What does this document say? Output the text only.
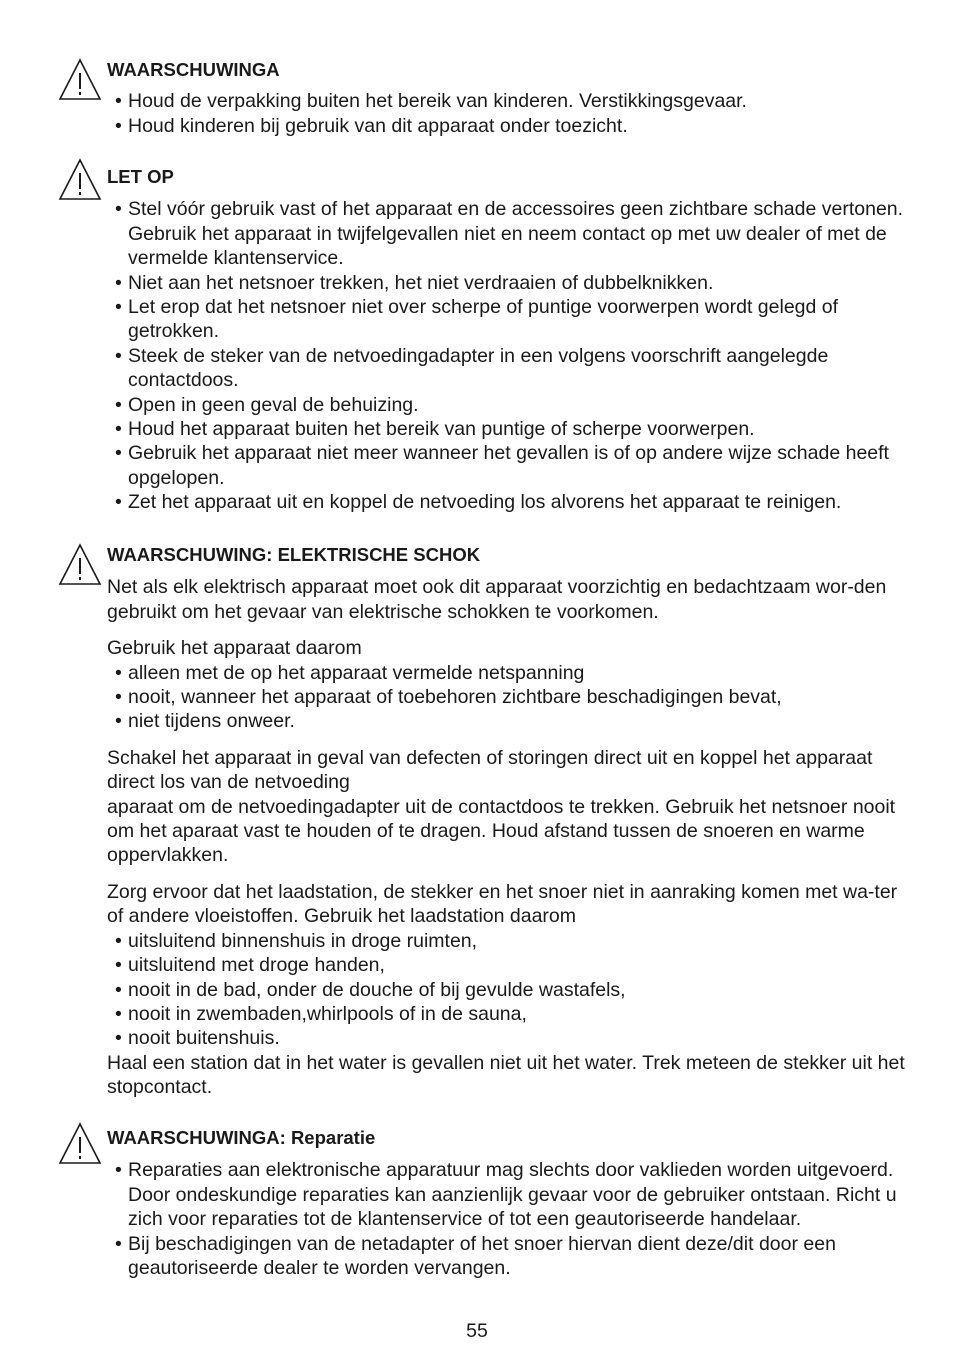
WAARSCHUWINGA

• Houd de verpakking buiten het bereik van kinderen. Verstikkingsgevaar.
• Houd kinderen bij gebruik van dit apparaat onder toezicht.

LET OP

• Stel vóór gebruik vast of het apparaat en de accessoires geen zichtbare schade vertonen. Gebruik het apparaat in twijfelgevallen niet en neem contact op met uw dealer of met de vermelde klantenservice.
• Niet aan het netsnoer trekken, het niet verdraaien of dubbelknikken.
• Let erop dat het netsnoer niet over scherpe of puntige voorwerpen wordt gelegd of getrokken.
• Steek de steker van de netvoedingadapter in een volgens voorschrift aangelegde contactdoos.
• Open in geen geval de behuizing.
• Houd het apparaat buiten het bereik van puntige of scherpe voorwerpen.
• Gebruik het apparaat niet meer wanneer het gevallen is of op andere wijze schade heeft opgelopen.
• Zet het apparaat uit en koppel de netvoeding los alvorens het apparaat te reinigen.

WAARSCHUWING: ELEKTRISCHE SCHOK

Net als elk elektrisch apparaat moet ook dit apparaat voorzichtig en bedachtzaam wor-den gebruikt om het gevaar van elektrische schokken te voorkomen.

Gebruik het apparaat daarom

• alleen met de op het apparaat vermelde netspanning
• nooit, wanneer het apparaat of toebehoren zichtbare beschadigingen bevat,
• niet tijdens onweer.

Schakel het apparaat in geval van defecten of storingen direct uit en koppel het apparaat direct los van de netvoeding

aparaat om de netvoedingadapter uit de contactdoos te trekken. Gebruik het netsnoer nooit om het aparaat vast te houden of te dragen. Houd afstand tussen de snoeren en warme oppervlakken.

Zorg ervoor dat het laadstation, de stekker en het snoer niet in aanraking komen met wa-ter of andere vloeistoffen. Gebruik het laadstation daarom

• uitsluitend binnenshuis in droge ruimten,
• uitsluitend met droge handen,
• nooit in de bad, onder de douche of bij gevulde wastafels,
• nooit in zwembaden,whirlpools of in de sauna,
• nooit buitenshuis.

Haal een station dat in het water is gevallen niet uit het water. Trek meteen de stekker uit het stopcontact.

WAARSCHUWINGA: Reparatie

• Reparaties aan elektronische apparatuur mag slechts door vaklieden worden uitgevoerd. Door ondeskundige reparaties kan aanzienlijk gevaar voor de gebruiker ontstaan. Richt u zich voor reparaties tot de klantenservice of tot een geautoriseerde handelaar.
• Bij beschadigingen van de netadapter of het snoer hiervan dient deze/dit door een geautoriseerde dealer te worden vervangen.
55
